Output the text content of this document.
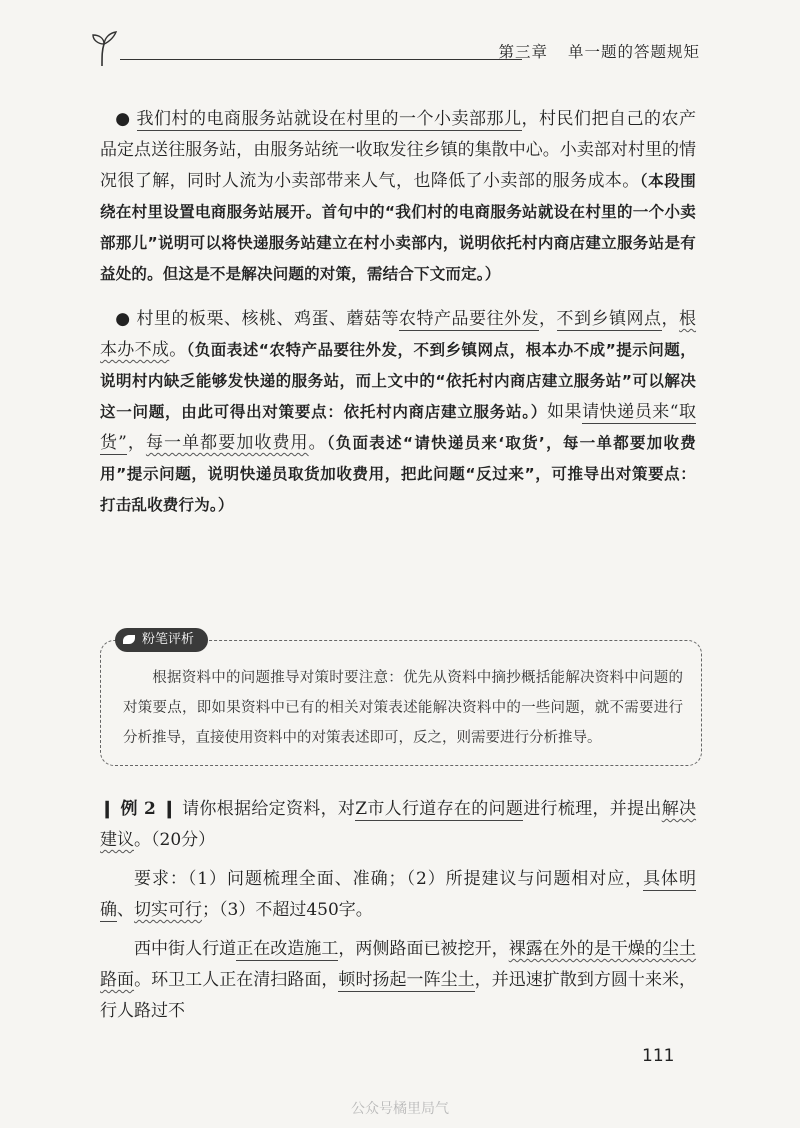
第三章 单一题的答题规矩

● 我们村的电商服务站就设在村里的一个小卖部那儿，村民们把自己的农产品定点送往服务站，由服务站统一收取发往乡镇的集散中心。小卖部对村里的情况很了解，同时人流为小卖部带来人气，也降低了小卖部的服务成本。（本段围绕在村里设置电商服务站展开。首句中的“我们村的电商服务站就设在村里的一个小卖部那儿”说明可以将快递服务站建立在村小卖部内，说明依托村内商店建立服务站是有益处的。但这是不是解决问题的对策，需结合下文而定。）

● 村里的板栗、核桃、鸡蛋、蘑菇等农特产品要往外发，不到乡镇网点，根本办不成。（负面表述“农特产品要往外发，不到乡镇网点，根本办不成”提示问题，说明村内缺乏能够发快递的服务站，而上文中的“依托村内商店建立服务站”可以解决这一问题，由此可得出对策要点：依托村内商店建立服务站。）如果请快递员来“取货”，每一单都要加收费用。（负面表述“请快递员来‘取货’，每一单都要加收费用”提示问题，说明快递员取货加收费用，把此问题“反过来”，可推导出对策要点：打击乱收费行为。）

粉笔评析
根据资料中的问题推导对策时要注意：优先从资料中摘抄概括能解决资料中问题的对策要点，即如果资料中已有的相关对策表述能解决资料中的一些问题，就不需要进行分析推导，直接使用资料中的对策表述即可，反之，则需要进行分析推导。

❙ 例 2 ❙ 请你根据给定资料，对Z市人行道存在的问题进行梳理，并提出解决建议。（20分）

要求：（1）问题梳理全面、准确；（2）所提建议与问题相对应，具体明确、切实可行；（3）不超过450字。

西中街人行道正在改造施工，两侧路面已被挖开，裸露在外的是干燥的尘土路面。环卫工人正在清扫路面，顿时扬起一阵尘土，并迅速扩散到方圆十来米，行人路过不

111
公众号橘里局气
